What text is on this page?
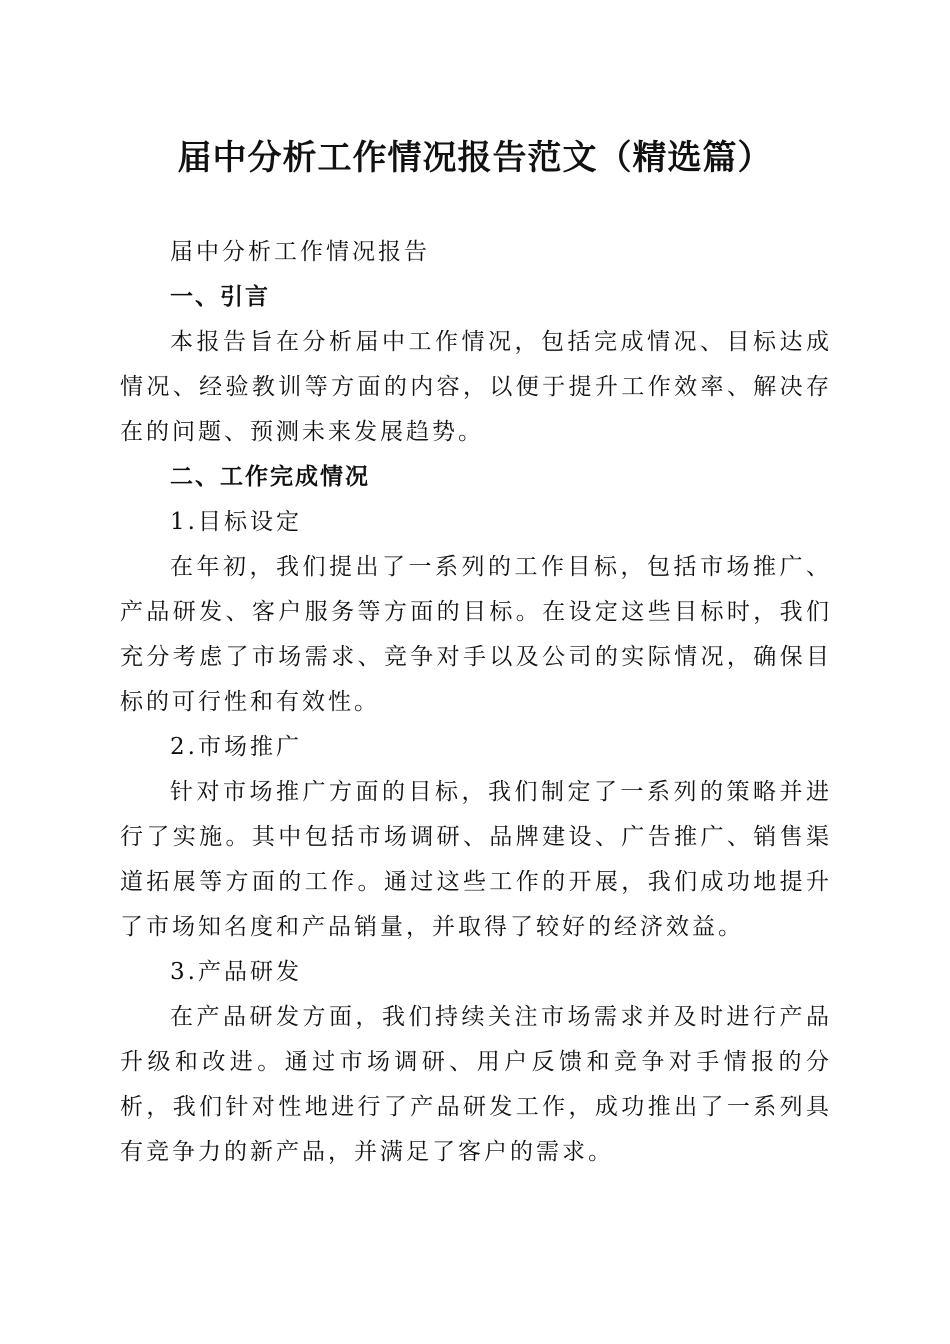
届中分析工作情况报告范文（精选篇）

届中分析工作情况报告

一、引言

本报告旨在分析届中工作情况，包括完成情况、目标达成情况、经验教训等方面的内容，以便于提升工作效率、解决存在的问题、预测未来发展趋势。

二、工作完成情况

1.目标设定

在年初，我们提出了一系列的工作目标，包括市场推广、产品研发、客户服务等方面的目标。在设定这些目标时，我们充分考虑了市场需求、竞争对手以及公司的实际情况，确保目标的可行性和有效性。

2.市场推广

针对市场推广方面的目标，我们制定了一系列的策略并进行了实施。其中包括市场调研、品牌建设、广告推广、销售渠道拓展等方面的工作。通过这些工作的开展，我们成功地提升了市场知名度和产品销量，并取得了较好的经济效益。

3.产品研发

在产品研发方面，我们持续关注市场需求并及时进行产品升级和改进。通过市场调研、用户反馈和竞争对手情报的分析，我们针对性地进行了产品研发工作，成功推出了一系列具有竞争力的新产品，并满足了客户的需求。
